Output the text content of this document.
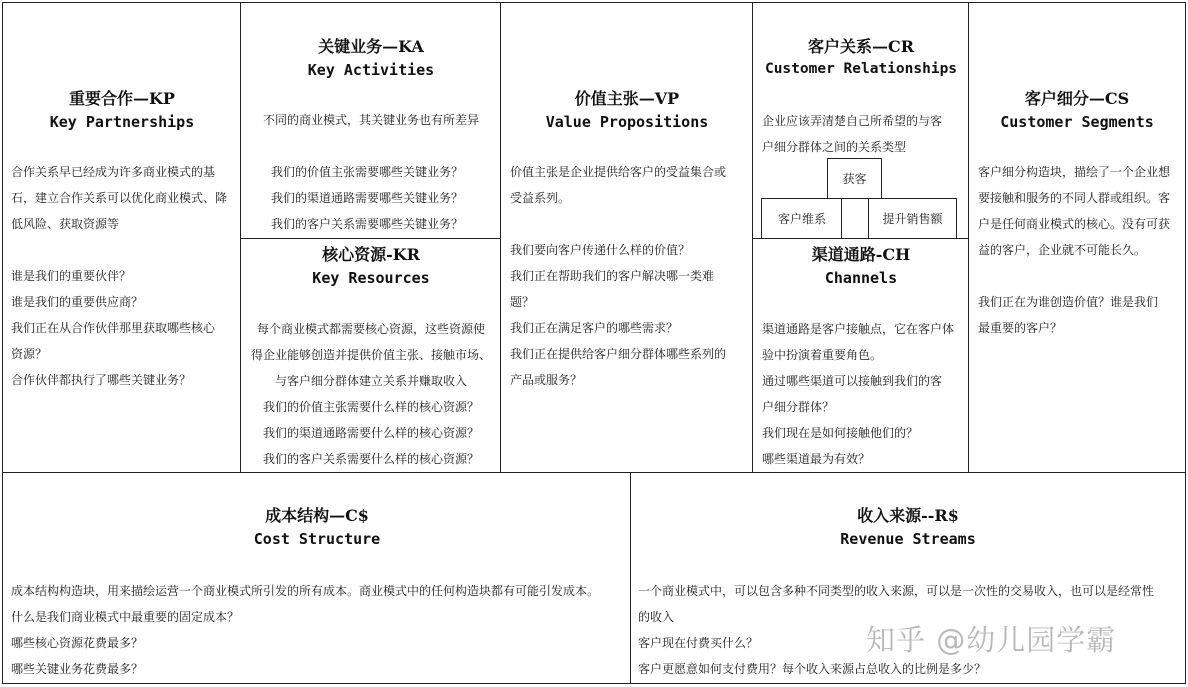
重要合作—KP
Key Partnerships
合作关系早已经成为许多商业模式的基
石，建立合作关系可以优化商业模式、降
低风险、获取资源等
谁是我们的重要伙伴？
谁是我们的重要供应商？
我们正在从合作伙伴那里获取哪些核心
资源？
合作伙伴都执行了哪些关键业务？
关键业务—KA
Key Activities
不同的商业模式，其关键业务也有所差异
我们的价值主张需要哪些关键业务？
我们的渠道通路需要哪些关键业务？
我们的客户关系需要哪些关键业务？
核心资源-KR
Key Resources
每个商业模式都需要核心资源，这些资源使
得企业能够创造并提供价值主张、接触市场、
与客户细分群体建立关系并赚取收入
我们的价值主张需要什么样的核心资源？
我们的渠道通路需要什么样的核心资源？
我们的客户关系需要什么样的核心资源？
价值主张—VP
Value Propositions
价值主张是企业提供给客户的受益集合或
受益系列。
我们要向客户传递什么样的价值？
我们正在帮助我们的客户解决哪一类难
题？
我们正在满足客户的哪些需求？
我们正在提供给客户细分群体哪些系列的
产品或服务？
客户关系—CR
Customer Relationships
企业应该弄清楚自己所希望的与客
户细分群体之间的关系类型
获客
客户维系	提升销售额
渠道通路-CH
Channels
渠道通路是客户接触点，它在客户体
验中扮演着重要角色。
通过哪些渠道可以接触到我们的客
户细分群体？
我们现在是如何接触他们的？
哪些渠道最为有效？
客户细分—CS
Customer Segments
客户细分构造块，描绘了一个企业想
要接触和服务的不同人群或组织。客
户是任何商业模式的核心。没有可获
益的客户，企业就不可能长久。
我们正在为谁创造价值？谁是我们
最重要的客户？
成本结构—C$
Cost Structure
成本结构构造块，用来描绘运营一个商业模式所引发的所有成本。商业模式中的任何构造块都有可能引发成本。
什么是我们商业模式中最重要的固定成本？
哪些核心资源花费最多？
哪些关键业务花费最多？
收入来源--R$
Revenue Streams
一个商业模式中，可以包含多种不同类型的收入来源，可以是一次性的交易收入，也可以是经常性
的收入
客户现在付费买什么？
客户更愿意如何支付费用？每个收入来源占总收入的比例是多少？
知乎 @幼儿园学霸
